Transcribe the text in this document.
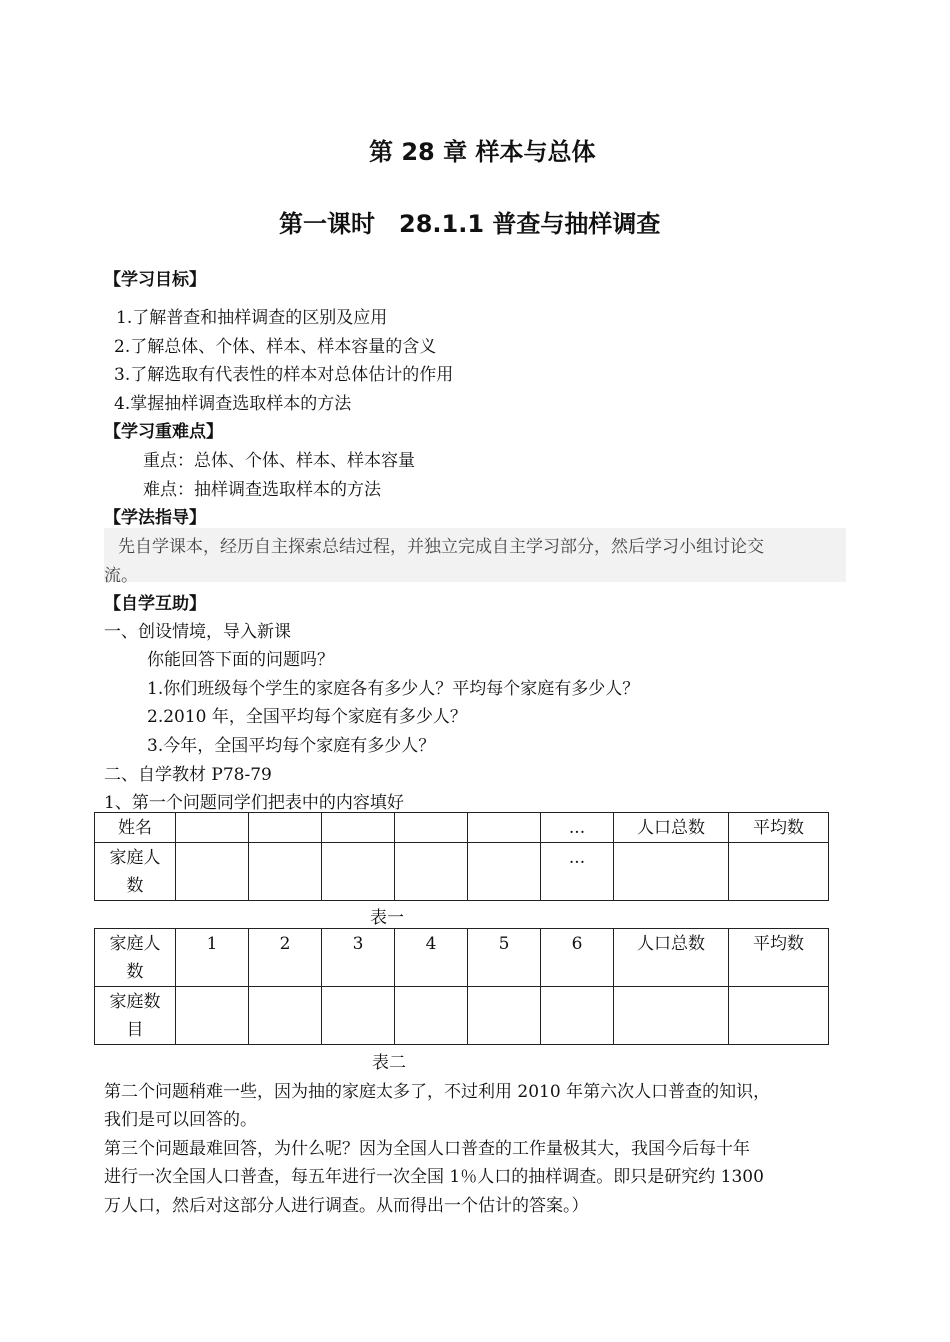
第 28 章 样本与总体
第一课时　28.1.1 普查与抽样调查
【学习目标】
1.了解普查和抽样调查的区别及应用
2.了解总体、个体、样本、样本容量的含义
3.了解选取有代表性的样本对总体估计的作用
4.掌握抽样调查选取样本的方法
【学习重难点】
重点：总体、个体、样本、样本容量
难点：抽样调查选取样本的方法
【学法指导】
先自学课本，经历自主探索总结过程，并独立完成自主学习部分，然后学习小组讨论交
流。
【自学互助】
一、创设情境，导入新课
你能回答下面的问题吗？
1.你们班级每个学生的家庭各有多少人？平均每个家庭有多少人？
2.2010 年，全国平均每个家庭有多少人？
3.今年，全国平均每个家庭有多少人？
二、自学教材 P78-79
1、第一个问题同学们把表中的内容填好
姓名						...	人口总数	平均数
家庭人
数						...		
表一
家庭人
数	1	2	3	4	5	6	人口总数	平均数
家庭数
目								
表二
第二个问题稍难一些，因为抽的家庭太多了，不过利用 2010 年第六次人口普查的知识，
我们是可以回答的。
第三个问题最难回答，为什么呢？因为全国人口普查的工作量极其大，我国今后每十年
进行一次全国人口普查，每五年进行一次全国 1％人口的抽样调查。即只是研究约 1300
万人口，然后对这部分人进行调查。从而得出一个估计的答案。）
